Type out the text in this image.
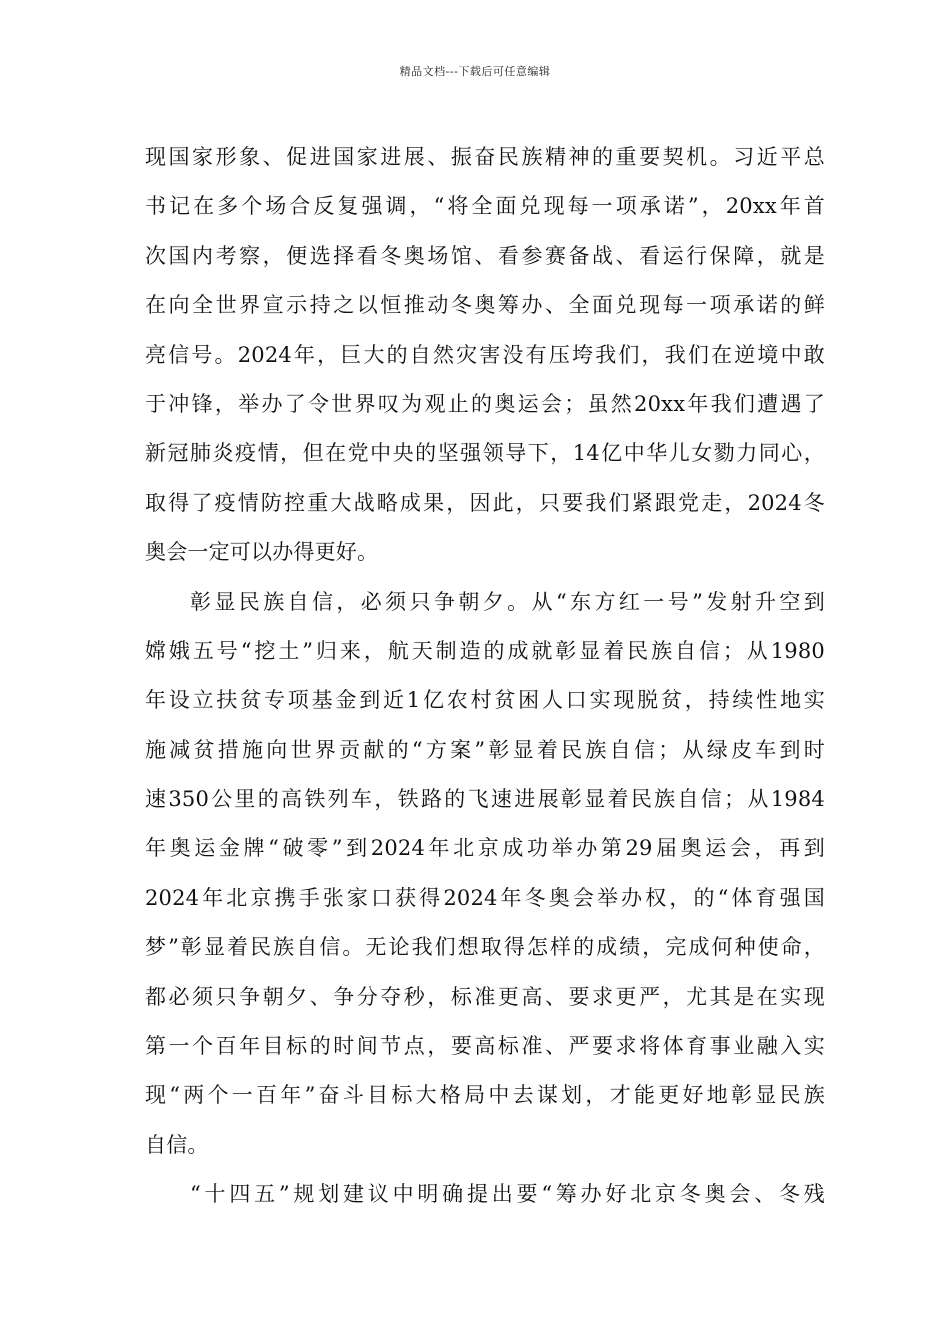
精品文档---下载后可任意编辑
现国家形象、促进国家进展、振奋民族精神的重要契机。习近平总
书记在多个场合反复强调，“将全面兑现每一项承诺”，20xx年首
次国内考察，便选择看冬奥场馆、看参赛备战、看运行保障，就是
在向全世界宣示持之以恒推动冬奥筹办、全面兑现每一项承诺的鲜
亮信号。2024年，巨大的自然灾害没有压垮我们，我们在逆境中敢
于冲锋，举办了令世界叹为观止的奥运会；虽然20xx年我们遭遇了
新冠肺炎疫情，但在党中央的坚强领导下，14亿中华儿女勠力同心，
取得了疫情防控重大战略成果，因此，只要我们紧跟党走，2024冬
奥会一定可以办得更好。
彰显民族自信，必须只争朝夕。从“东方红一号”发射升空到
嫦娥五号“挖土”归来，航天制造的成就彰显着民族自信；从1980
年设立扶贫专项基金到近1亿农村贫困人口实现脱贫，持续性地实
施减贫措施向世界贡献的“方案”彰显着民族自信；从绿皮车到时
速350公里的高铁列车，铁路的飞速进展彰显着民族自信；从1984
年奥运金牌“破零”到2024年北京成功举办第29届奥运会，再到
2024年北京携手张家口获得2024年冬奥会举办权，的“体育强国
梦”彰显着民族自信。无论我们想取得怎样的成绩，完成何种使命，
都必须只争朝夕、争分夺秒，标准更高、要求更严，尤其是在实现
第一个百年目标的时间节点，要高标准、严要求将体育事业融入实
现“两个一百年”奋斗目标大格局中去谋划，才能更好地彰显民族
自信。
“十四五”规划建议中明确提出要“筹办好北京冬奥会、冬残
